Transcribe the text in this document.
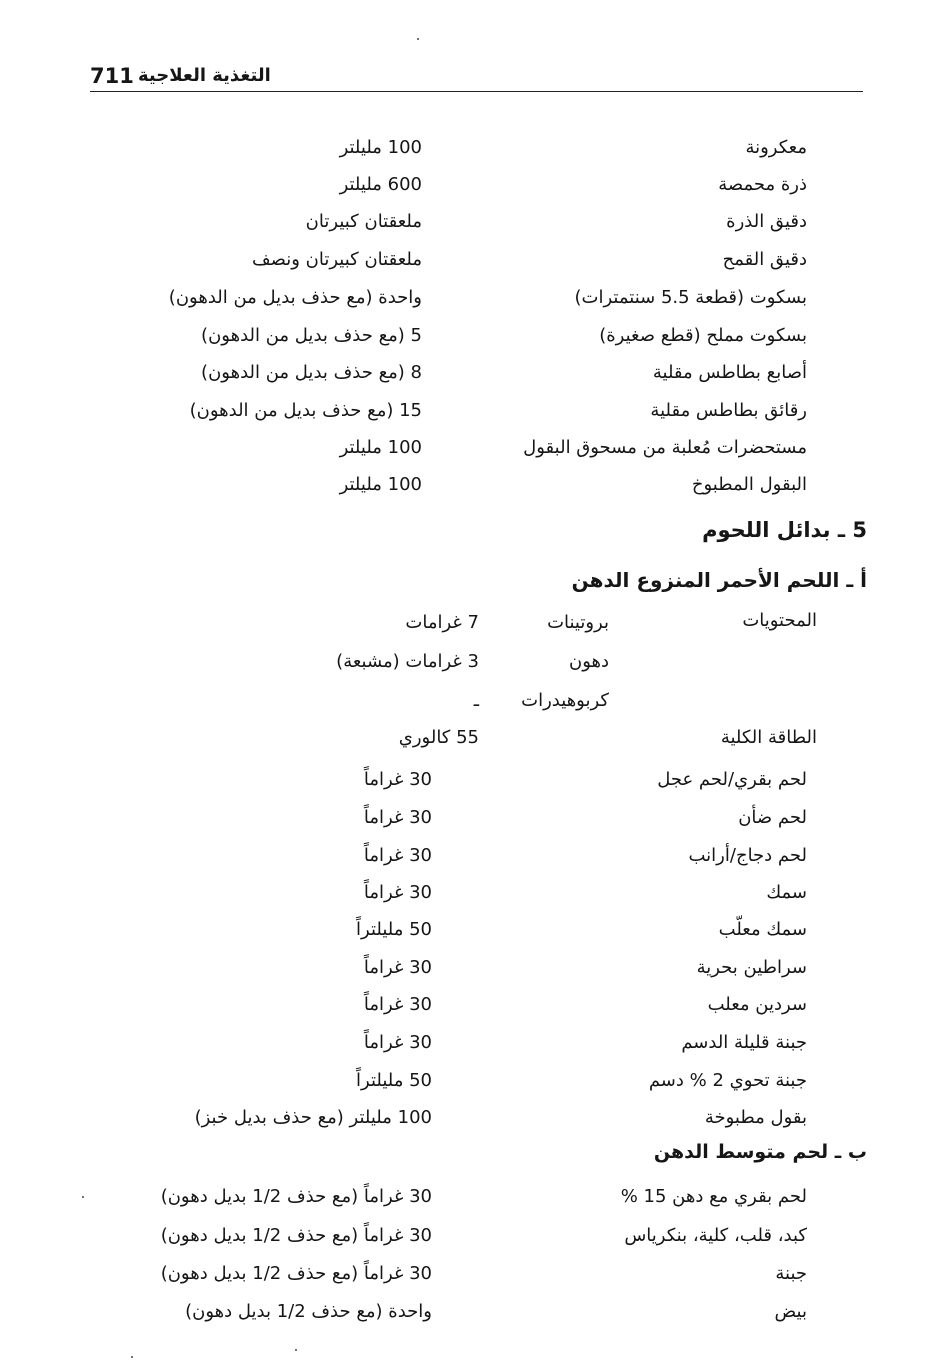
711 التغذية العلاجية
معكرونة
100 مليلتر
ذرة محمصة
600 مليلتر
دقيق الذرة
ملعقتان كبيرتان
دقيق القمح
ملعقتان كبيرتان ونصف
بسكوت (قطعة 5.5 سنتمترات)
واحدة (مع حذف بديل من الدهون)
بسكوت مملح (قطع صغيرة)
5 (مع حذف بديل من الدهون)
أصابع بطاطس مقلية
8 (مع حذف بديل من الدهون)
رقائق بطاطس مقلية
15 (مع حذف بديل من الدهون)
مستحضرات مُعلبة من مسحوق البقول
100 مليلتر
البقول المطبوخ
100 مليلتر
5 ـ بدائل اللحوم
أ ـ اللحم الأحمر المنزوع الدهن
المحتويات
بروتينات
7 غرامات
دهون
3 غرامات (مشبعة)
كربوهيدرات
ـ
الطاقة الكلية
55 كالوري
لحم بقري/لحم عجل
30 غراماً
لحم ضأن
30 غراماً
لحم دجاج/أرانب
30 غراماً
سمك
30 غراماً
سمك معلّب
50 مليلتراً
سراطين بحرية
30 غراماً
سردين معلب
30 غراماً
جبنة قليلة الدسم
30 غراماً
جبنة تحوي 2 % دسم
50 مليلتراً
بقول مطبوخة
100 مليلتر (مع حذف بديل خبز)
ب ـ لحم متوسط الدهن
لحم بقري مع دهن 15 %
30 غراماً (مع حذف 1/2 بديل دهون)
كبد، قلب، كلية، بنكرياس
30 غراماً (مع حذف 1/2 بديل دهون)
جبنة
30 غراماً (مع حذف 1/2 بديل دهون)
بيض
واحدة (مع حذف 1/2 بديل دهون)
